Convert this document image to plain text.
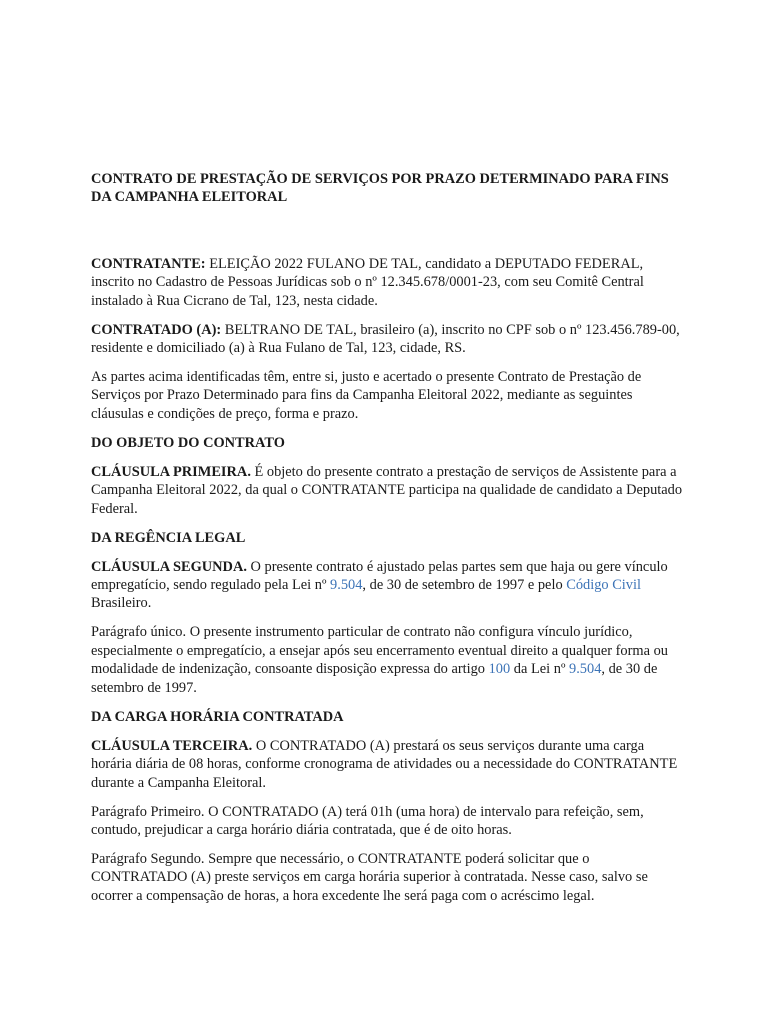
CONTRATO DE PRESTAÇÃO DE SERVIÇOS POR PRAZO DETERMINADO PARA FINS DA CAMPANHA ELEITORAL

CONTRATANTE: ELEIÇÃO 2022 FULANO DE TAL, candidato a DEPUTADO FEDERAL, inscrito no Cadastro de Pessoas Jurídicas sob o nº 12.345.678/0001-23, com seu Comitê Central instalado à Rua Cicrano de Tal, 123, nesta cidade.

CONTRATADO (A): BELTRANO DE TAL, brasileiro (a), inscrito no CPF sob o nº 123.456.789-00, residente e domiciliado (a) à Rua Fulano de Tal, 123, cidade, RS.

As partes acima identificadas têm, entre si, justo e acertado o presente Contrato de Prestação de Serviços por Prazo Determinado para fins da Campanha Eleitoral 2022, mediante as seguintes cláusulas e condições de preço, forma e prazo.

DO OBJETO DO CONTRATO

CLÁUSULA PRIMEIRA. É objeto do presente contrato a prestação de serviços de Assistente para a Campanha Eleitoral 2022, da qual o CONTRATANTE participa na qualidade de candidato a Deputado Federal.

DA REGÊNCIA LEGAL

CLÁUSULA SEGUNDA. O presente contrato é ajustado pelas partes sem que haja ou gere vínculo empregatício, sendo regulado pela Lei nº 9.504, de 30 de setembro de 1997 e pelo Código Civil Brasileiro.

Parágrafo único. O presente instrumento particular de contrato não configura vínculo jurídico, especialmente o empregatício, a ensejar após seu encerramento eventual direito a qualquer forma ou modalidade de indenização, consoante disposição expressa do artigo 100 da Lei nº 9.504, de 30 de setembro de 1997.

DA CARGA HORÁRIA CONTRATADA

CLÁUSULA TERCEIRA. O CONTRATADO (A) prestará os seus serviços durante uma carga horária diária de 08 horas, conforme cronograma de atividades ou a necessidade do CONTRATANTE durante a Campanha Eleitoral.

Parágrafo Primeiro. O CONTRATADO (A) terá 01h (uma hora) de intervalo para refeição, sem, contudo, prejudicar a carga horário diária contratada, que é de oito horas.

Parágrafo Segundo. Sempre que necessário, o CONTRATANTE poderá solicitar que o CONTRATADO (A) preste serviços em carga horária superior à contratada. Nesse caso, salvo se ocorrer a compensação de horas, a hora excedente lhe será paga com o acréscimo legal.
